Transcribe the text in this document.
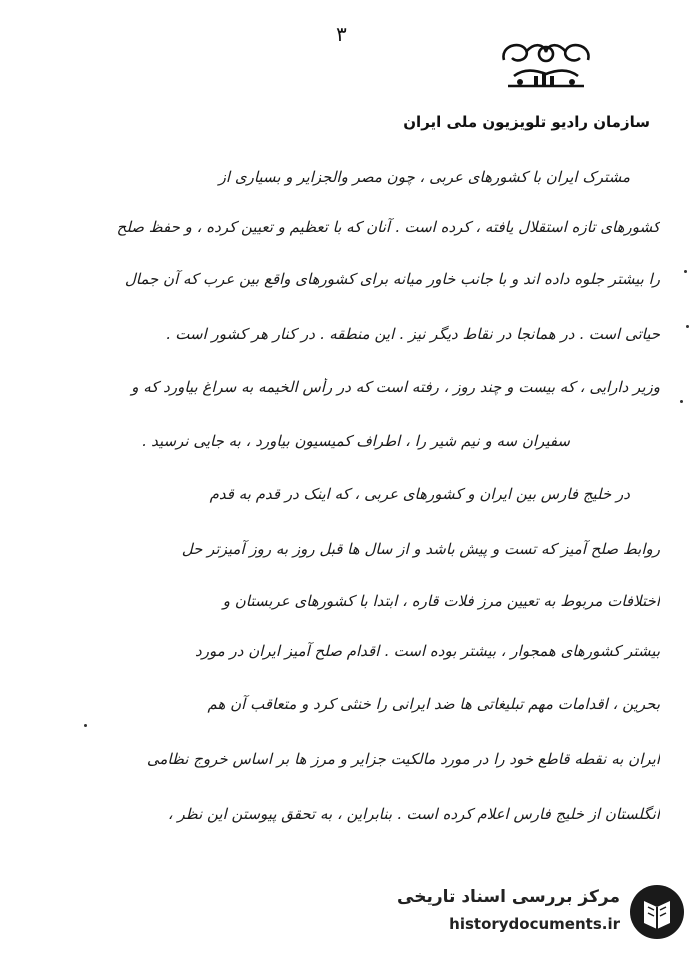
۳
سازمان رادیو تلویزیون ملی ایران
مشترک ایران با کشورهای عربی ، چون مصر والجزایر و بسیاری از
کشورهای تازه استقلال یافته ، کرده است . آنان که با تعظیم و تعیین کرده ، و حفظ صلح
را بیشتر جلوه داده اند و با جانب خاور میانه برای کشورهای واقع بین عرب که آن جمال
حیاتی است . در همانجا در نقاط دیگر نیز . این منطقه . در کنار هر کشور است .
وزیر دارایی ، که بیست و چند روز ، رفته است که در رأس الخیمه به سراغ بیاورد که و
سفیران سه و نیم شیر را ، اطراف کمیسیون بیاورد ، به جایی نرسید .
در خلیج فارس بین ایران و کشورهای عربی ، که اینک در قدم به قدم
روابط صلح آمیز که تست و پیش باشد و از سال ها قبل روز به روز آمیزتر حل
اختلافات مربوط به تعیین مرز فلات قاره ، ابتدا با کشورهای عربستان و
بیشتر کشورهای همجوار ، بیشتر بوده است . اقدام صلح آمیز ایران در مورد
بحرین ، اقدامات مهم تبلیغاتی ها ضد ایرانی را خنثی کرد و متعاقب آن هم
ایران به نقطه قاطع خود را در مورد مالکیت جزایر و مرز ها بر اساس خروج نظامی
انگلستان از خلیج فارس اعلام کرده است . بنابراین ، به تحقق پیوستن این نظر ،
مرکز بررسی اسناد تاریخی
historydocuments.ir
